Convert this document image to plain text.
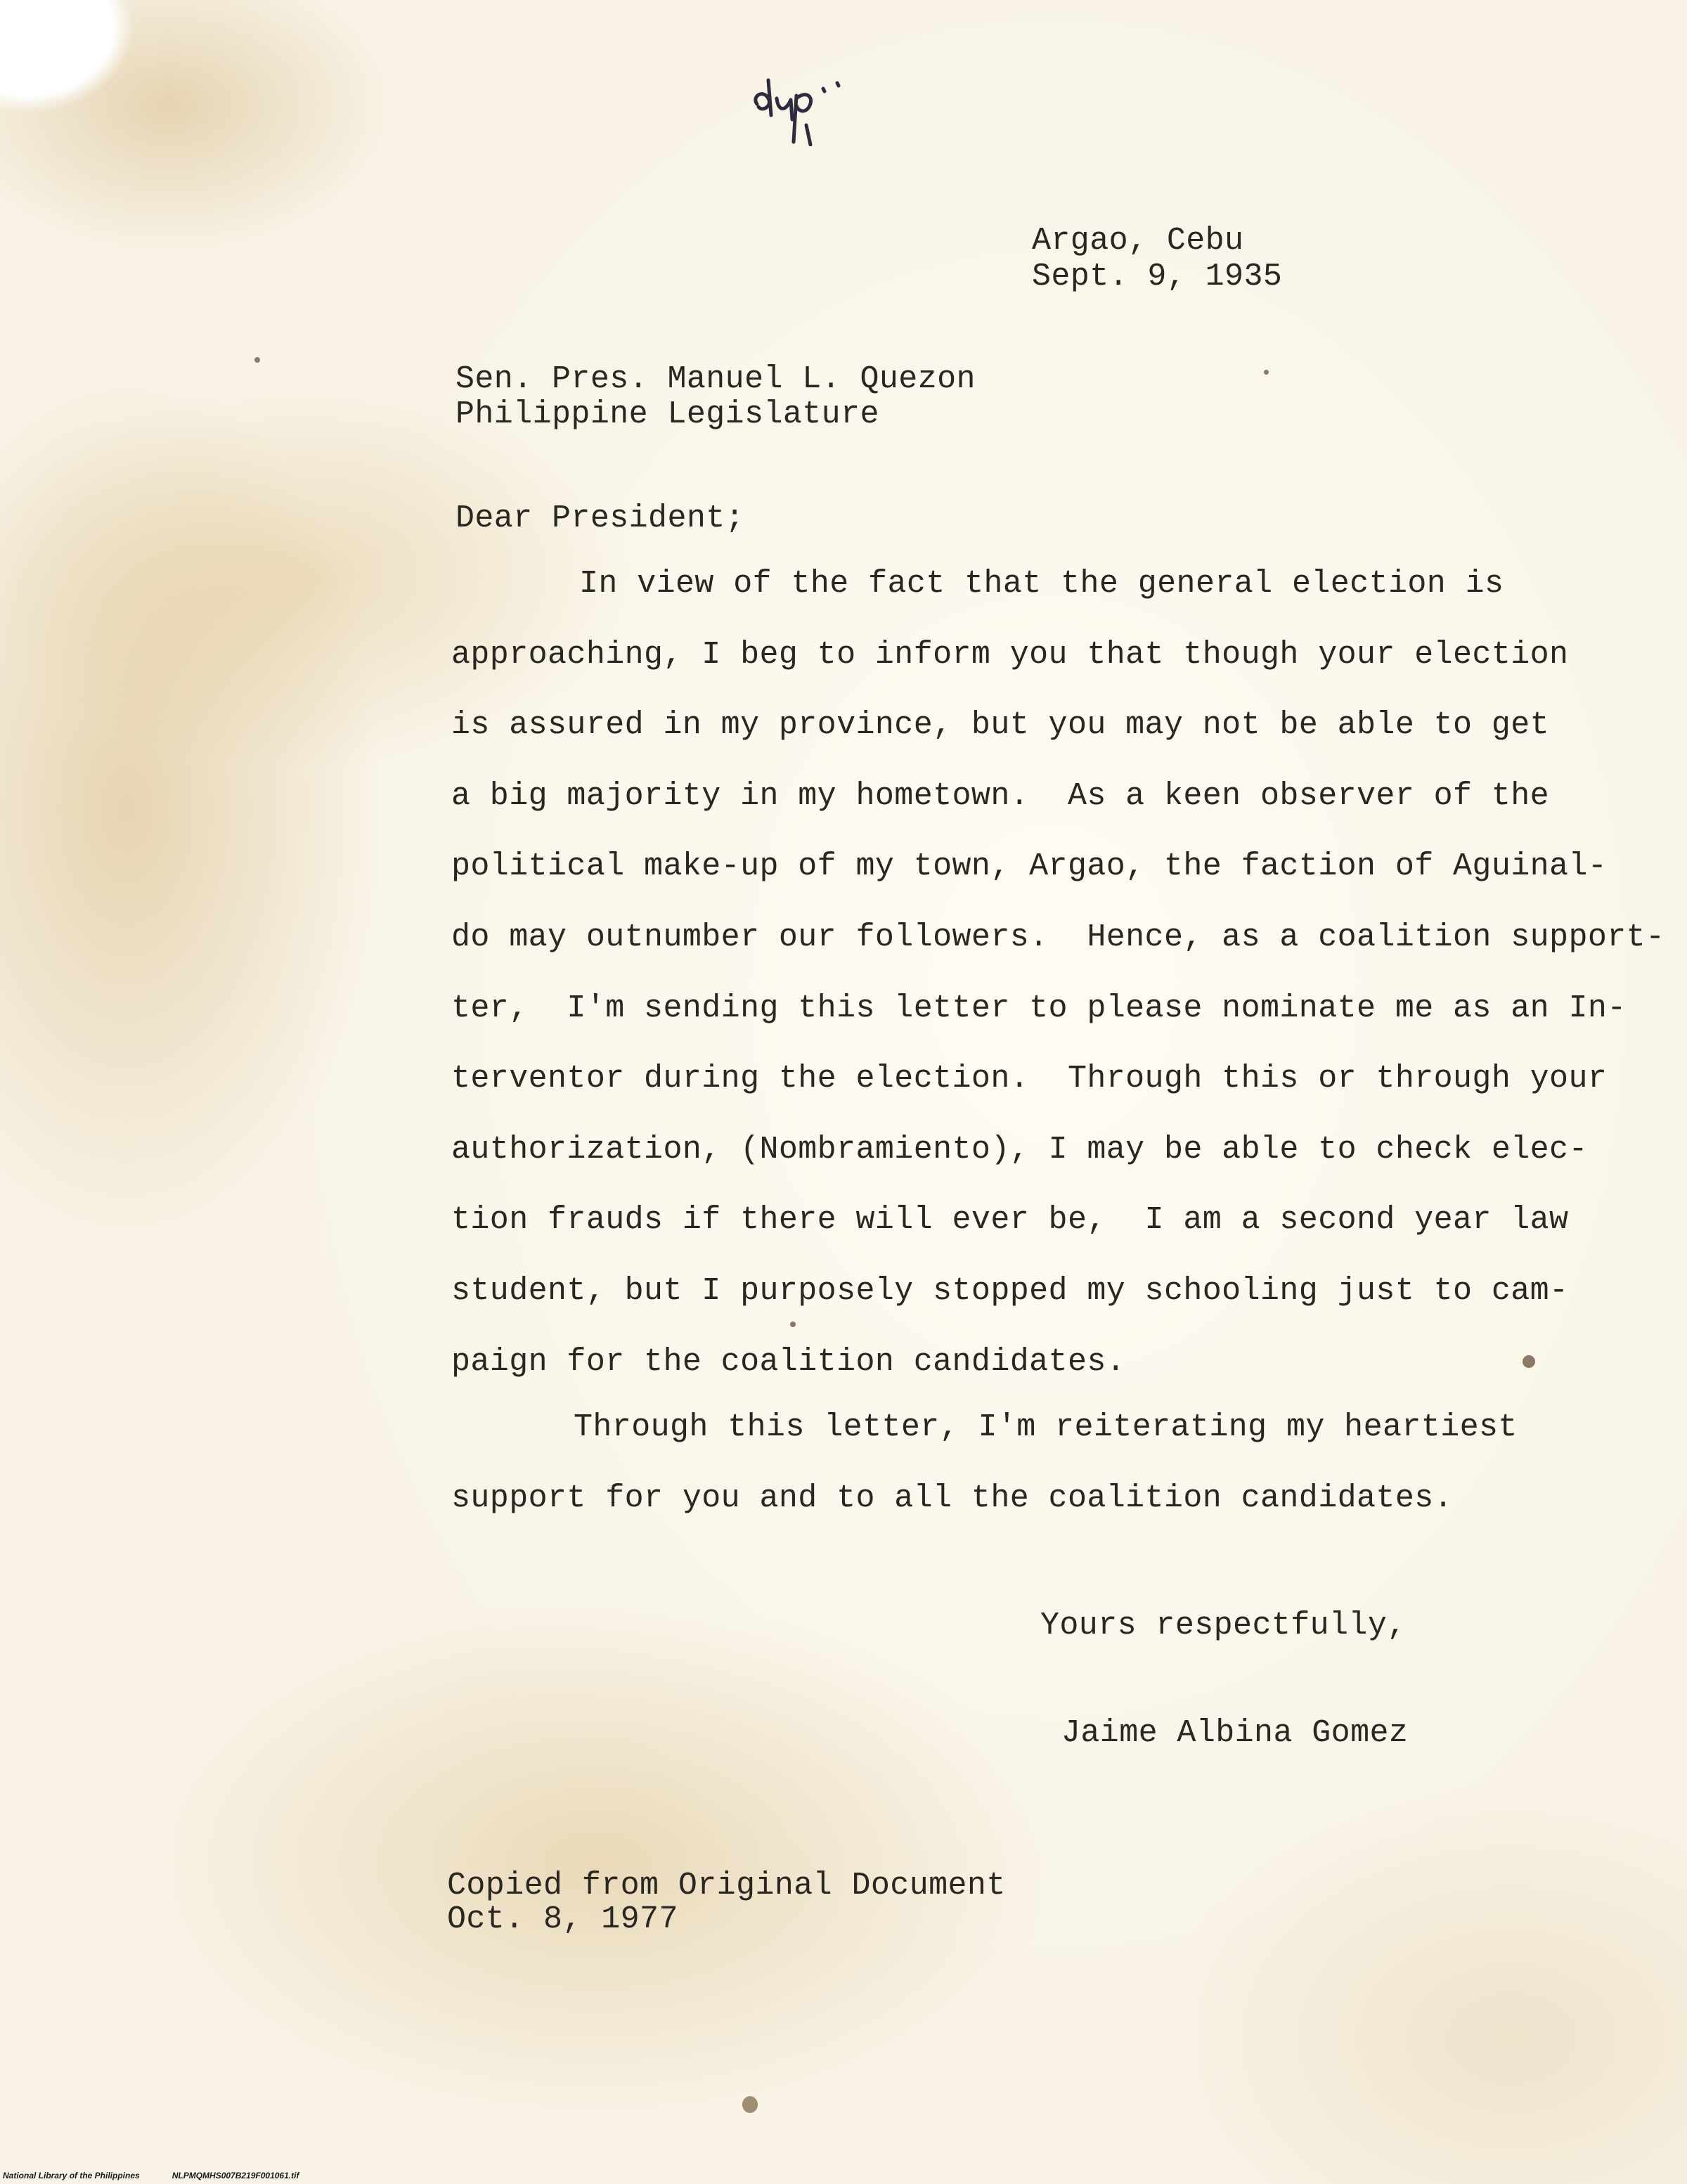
Argao, Cebu
Sept. 9, 1935
Sen. Pres. Manuel L. Quezon
Philippine Legislature
Dear President;
In view of the fact that the general election is
approaching, I beg to inform you that though your election
is assured in my province, but you may not be able to get
a big majority in my hometown.  As a keen observer of the
political make-up of my town, Argao, the faction of Aguinal-
do may outnumber our followers.  Hence, as a coalition support-
ter,  I'm sending this letter to please nominate me as an In-
terventor during the election.  Through this or through your
authorization, (Nombramiento), I may be able to check elec-
tion frauds if there will ever be,  I am a second year law
student, but I purposely stopped my schooling just to cam-
paign for the coalition candidates.
Through this letter, I'm reiterating my heartiest
support for you and to all the coalition candidates.
Yours respectfully,
Jaime Albina Gomez
Copied from Original Document
Oct. 8, 1977
National Library of the Philippines	NLPMQMHS007B219F001061.tif
